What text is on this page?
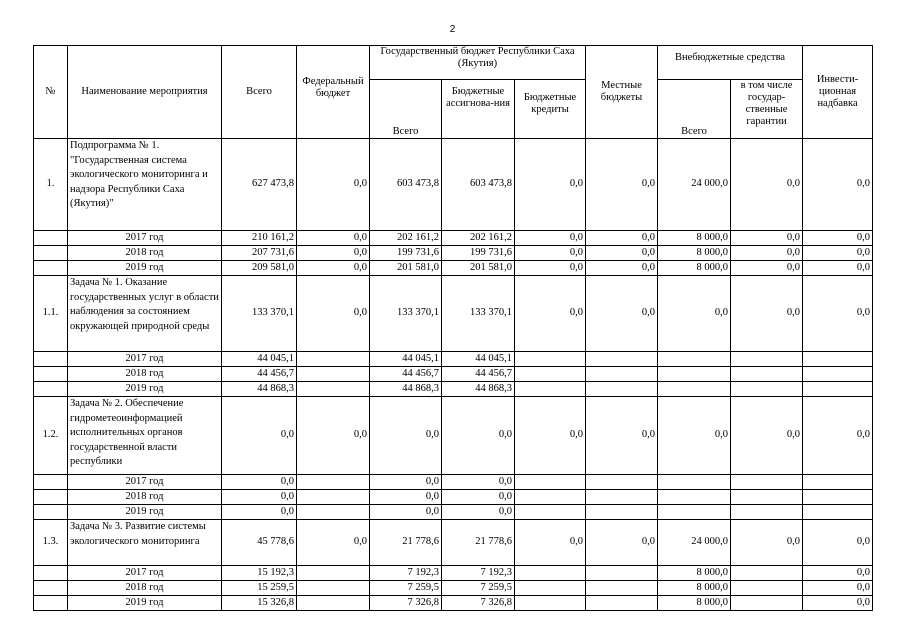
2
№	Наименование мероприятия	Всего	Федеральный бюджет	Государственный бюджет Республики Саха (Якутия)			Местные бюджеты	Внебюджетные средства		Инвести-ционная надбавка
				Всего	Бюджетные ассигнова-ния	Бюджетные кредиты		Всего	в том числе государ-ственные гарантии	
1.	Подпрограмма № 1. "Государственная система экологического мониторинга и надзора Республики Саха (Якутия)"	627 473,8	0,0	603 473,8	603 473,8	0,0	0,0	24 000,0	0,0	0,0
	2017 год	210 161,2	0,0	202 161,2	202 161,2	0,0	0,0	8 000,0	0,0	0,0
	2018 год	207 731,6	0,0	199 731,6	199 731,6	0,0	0,0	8 000,0	0,0	0,0
	2019 год	209 581,0	0,0	201 581,0	201 581,0	0,0	0,0	8 000,0	0,0	0,0
1.1.	Задача № 1. Оказание государственных услуг в области наблюдения за состоянием окружающей природной среды	133 370,1	0,0	133 370,1	133 370,1	0,0	0,0	0,0	0,0	0,0
	2017 год	44 045,1		44 045,1	44 045,1					
	2018 год	44 456,7		44 456,7	44 456,7					
	2019 год	44 868,3		44 868,3	44 868,3					
1.2.	Задача № 2. Обеспечение гидрометеоинформацией исполнительных органов государственной власти республики	0,0	0,0	0,0	0,0	0,0	0,0	0,0	0,0	0,0
	2017 год	0,0		0,0	0,0					
	2018 год	0,0		0,0	0,0					
	2019 год	0,0		0,0	0,0					
1.3.	Задача № 3. Развитие системы экологического мониторинга	45 778,6	0,0	21 778,6	21 778,6	0,0	0,0	24 000,0	0,0	0,0
	2017 год	15 192,3		7 192,3	7 192,3			8 000,0		0,0
	2018 год	15 259,5		7 259,5	7 259,5			8 000,0		0,0
	2019 год	15 326,8		7 326,8	7 326,8			8 000,0		0,0
